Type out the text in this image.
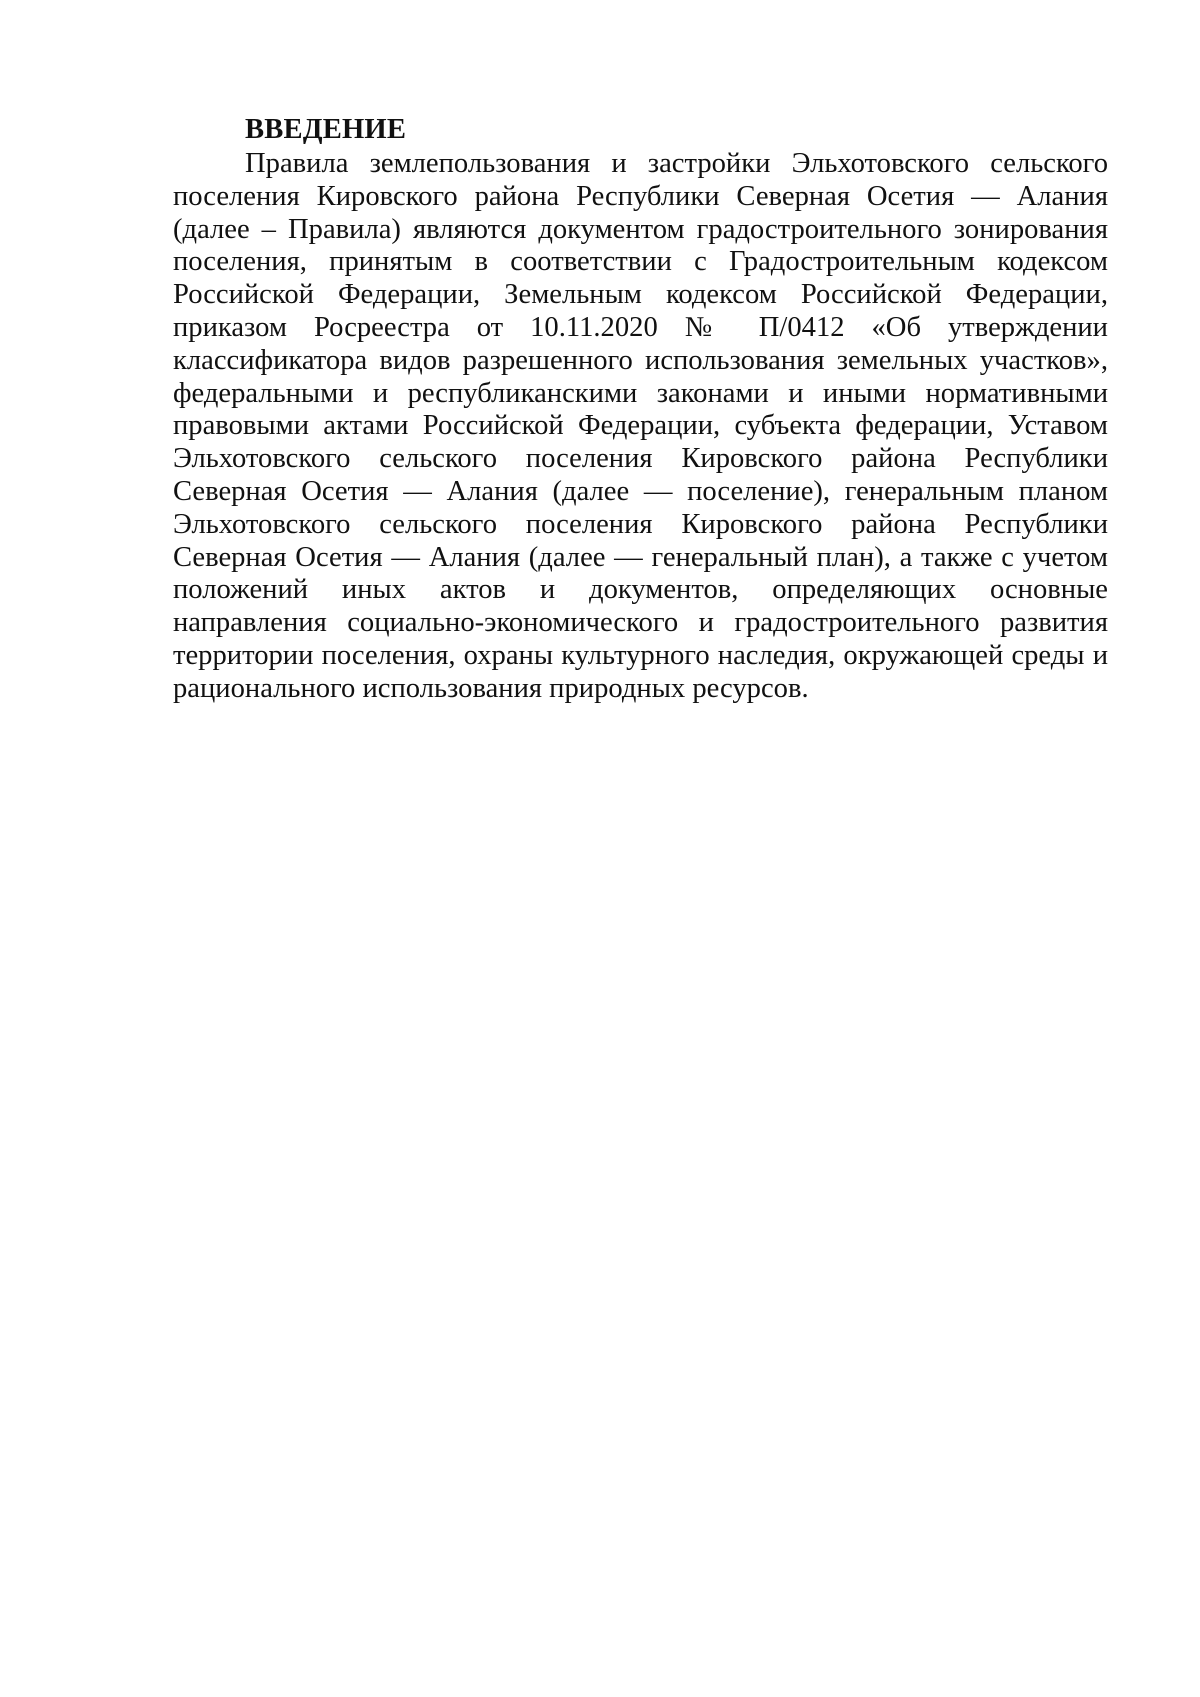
ВВЕДЕНИЕ

Правила землепользования и застройки Эльхотовского сельского поселения Кировского района Республики Северная Осетия — Алания (далее – Правила) являются документом градостроительного зонирования поселения, принятым в соответствии с Градостроительным кодексом Российской Федерации, Земельным кодексом Российской Федерации, приказом Росреестра от 10.11.2020 № П/0412 «Об утверждении классификатора видов разрешенного использования земельных участков», федеральными и республиканскими законами и иными нормативными правовыми актами Российской Федерации, субъекта федерации, Уставом Эльхотовского сельского поселения Кировского района Республики Северная Осетия — Алания (далее — поселение), генеральным планом Эльхотовского сельского поселения Кировского района Республики Северная Осетия — Алания (далее — генеральный план), а также с учетом положений иных актов и документов, определяющих основные направления социально-экономического и градостроительного развития территории поселения, охраны культурного наследия, окружающей среды и рационального использования природных ресурсов.
